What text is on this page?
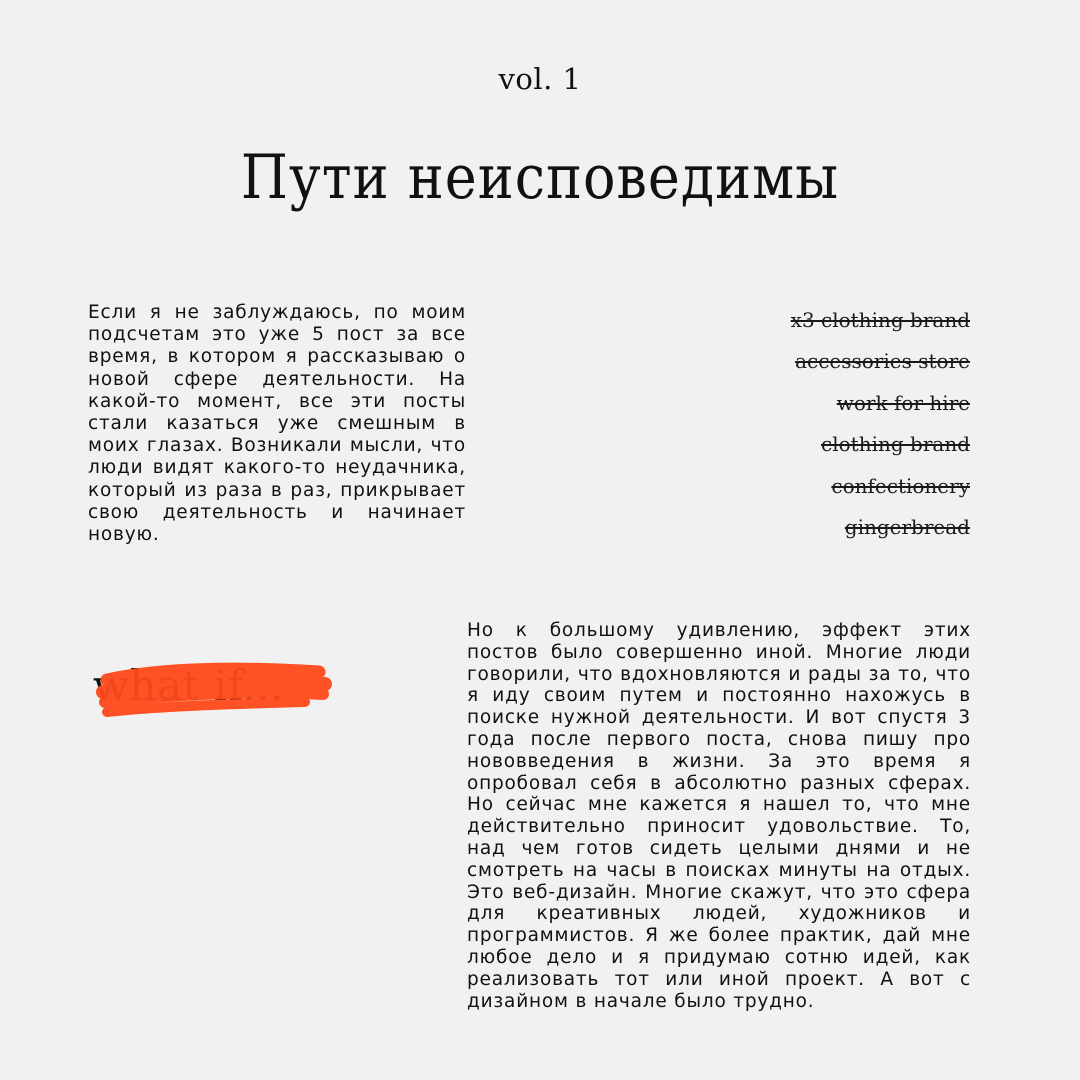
vol. 1

Пути неисповедимы

Если я не заблуждаюсь, по моим подсчетам это уже 5 пост за все время, в котором я рассказываю о новой сфере деятельности. На какой-то момент, все эти посты стали казаться уже смешным в моих глазах. Возникали мысли, что люди видят какого-то неудачника, который из раза в раз, прикрывает свою деятельность и начинает новую.

x3 clothing brand
accessories store
work for hire
clothing brand
confectionery
gingerbread

what if...

Но к большому удивлению, эффект этих постов было совершенно иной. Многие люди говорили, что вдохновляются и рады за то, что я иду своим путем и постоянно нахожусь в поиске нужной деятельности. И вот спустя 3 года после первого поста, снова пишу про нововведения в жизни. За это время я опробовал себя в абсолютно разных сферах. Но сейчас мне кажется я нашел то, что мне действительно приносит удовольствие. То, над чем готов сидеть целыми днями и не смотреть на часы в поисках минуты на отдых. Это веб-дизайн. Многие скажут, что это сфера для креативных людей, художников и программистов. Я же более практик, дай мне любое дело и я придумаю сотню идей, как реализовать тот или иной проект. А вот с дизайном в начале было трудно.
